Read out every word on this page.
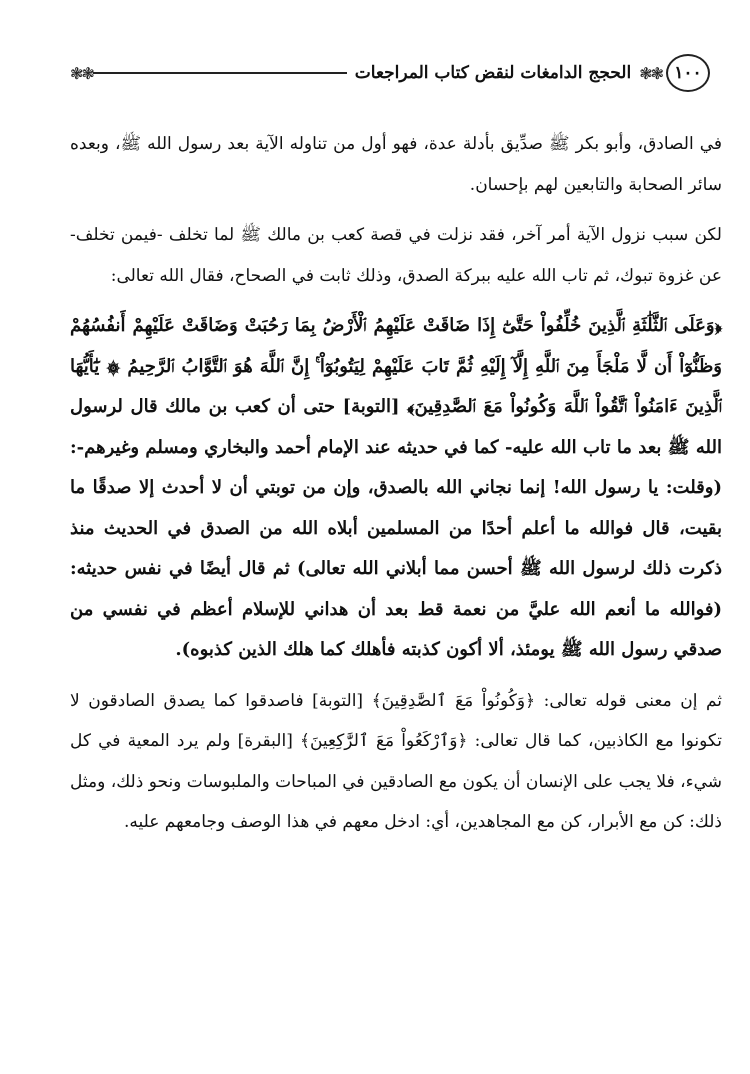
١٠٠
❃❃
الحجج الدامغات لنقض كتاب المراجعات
❃❃

في الصادق، وأبو بكر ﷺ صدِّيق بأدلة عدة، فهو أول من تناوله الآية بعد رسول الله ﷺ، وبعده سائر الصحابة والتابعين لهم بإحسان.

لكن سبب نزول الآية أمر آخر، فقد نزلت في قصة كعب بن مالك ﷺ لما تخلف -فيمن تخلف- عن غزوة تبوك، ثم تاب الله عليه ببركة الصدق، وذلك ثابت في الصحاح، فقال الله تعالى:

﴿وَعَلَى ٱلثَّلَٰثَةِ ٱلَّذِينَ خُلِّفُواْ حَتَّىٰٓ إِذَا ضَاقَتْ عَلَيْهِمُ ٱلْأَرْضُ بِمَا رَحُبَتْ وَضَاقَتْ عَلَيْهِمْ أَنفُسُهُمْ وَظَنُّوٓاْ أَن لَّا مَلْجَأَ مِنَ ٱللَّهِ إِلَّآ إِلَيْهِ ثُمَّ تَابَ عَلَيْهِمْ لِيَتُوبُوٓاْ ۚ إِنَّ ٱللَّهَ هُوَ ٱلتَّوَّابُ ٱلرَّحِيمُ ۞ يَٰٓأَيُّهَا ٱلَّذِينَ ءَامَنُواْ ٱتَّقُواْ ٱللَّهَ وَكُونُواْ مَعَ ٱلصَّٰدِقِينَ﴾ [التوبة] حتى أن كعب بن مالك قال لرسول الله ﷺ بعد ما تاب الله عليه- كما في حديثه عند الإمام أحمد والبخاري ومسلم وغيرهم-: (وقلت: يا رسول الله! إنما نجاني الله بالصدق، وإن من توبتي أن لا أحدث إلا صدقًا ما بقيت، قال فوالله ما أعلم أحدًا من المسلمين أبلاه الله من الصدق في الحديث منذ ذكرت ذلك لرسول الله ﷺ أحسن مما أبلاني الله تعالى) ثم قال أيضًا في نفس حديثه: (فوالله ما أنعم الله عليَّ من نعمة قط بعد أن هداني للإسلام أعظم في نفسي من صدقي رسول الله ﷺ يومئذ، ألا أكون كذبته فأهلك كما هلك الذين كذبوه).

ثم إن معنى قوله تعالى: ﴿وَكُونُواْ مَعَ ٱلصَّٰدِقِينَ﴾ [التوبة] فاصدقوا كما يصدق الصادقون لا تكونوا مع الكاذبين، كما قال تعالى: ﴿وَٱرْكَعُواْ مَعَ ٱلرَّٰكِعِينَ﴾ [البقرة] ولم يرد المعية في كل شيء، فلا يجب على الإنسان أن يكون مع الصادقين في المباحات والملبوسات ونحو ذلك، ومثل ذلك: كن مع الأبرار، كن مع المجاهدين، أي: ادخل معهم في هذا الوصف وجامعهم عليه.
